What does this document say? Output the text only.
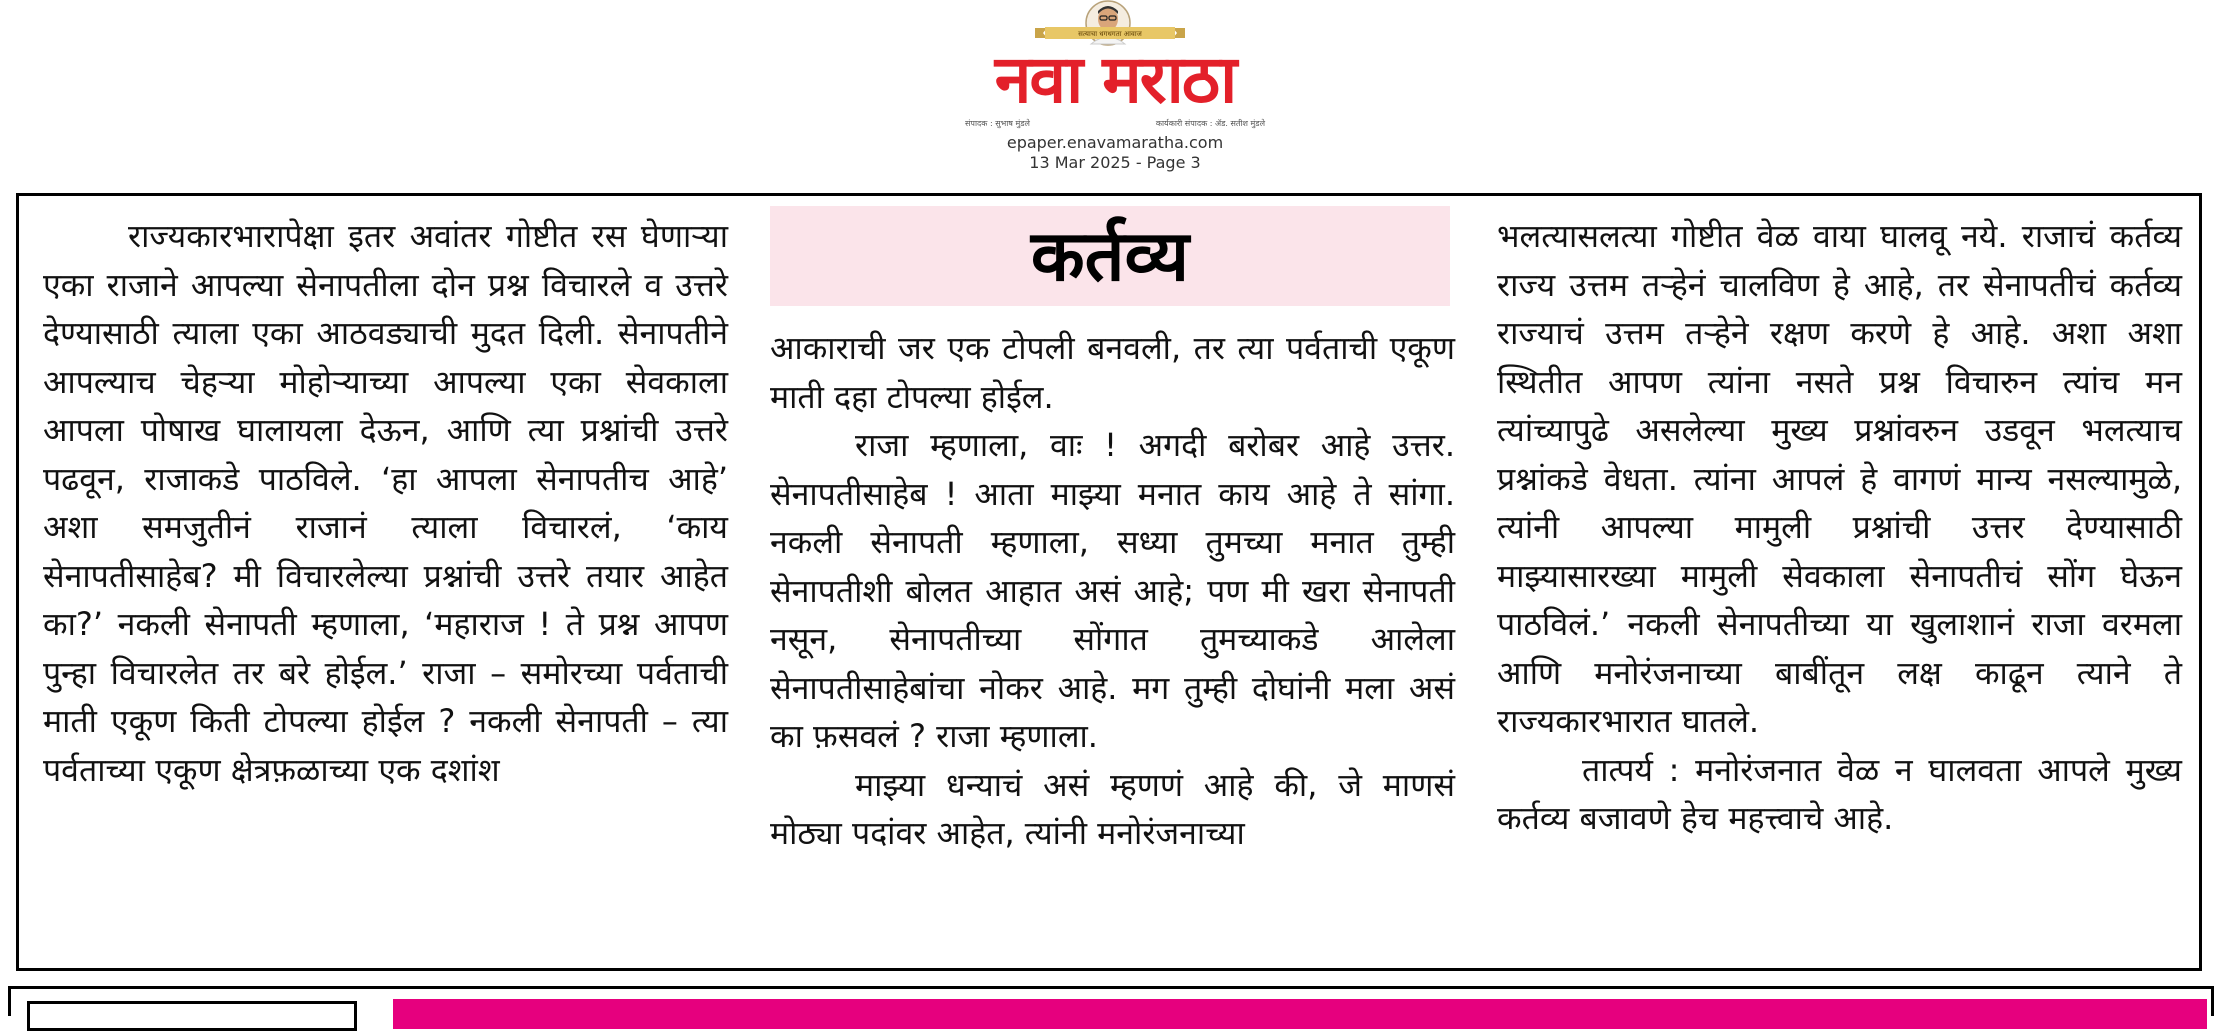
सत्याचा धगधगता आवाज
नवा मराठा
संपादक : सुभाष मुंडले	कार्यकारी संपादक : ॲड. सतीश मुंडले
epaper.enavamaratha.com
13 Mar 2025 - Page 3

राज्यकारभारापेक्षा इतर अवांतर गोष्टीत रस घेणाऱ्या एका राजाने आपल्या सेनापतीला दोन प्रश्न विचारले व उत्तरे देण्यासाठी त्याला एका आठवड्याची मुदत दिली. सेनापतीने आपल्याच चेहऱ्या मोहोऱ्याच्या आपल्या एका सेवकाला आपला पोषाख घालायला देऊन, आणि त्या प्रश्नांची उत्तरे पढवून, राजाकडे पाठविले. ‘हा आपला सेनापतीच आहे’ अशा समजुतीनं राजानं त्याला विचारलं, ‘काय सेनापतीसाहेब? मी विचारलेल्या प्रश्नांची उत्तरे तयार आहेत का?’ नकली सेनापती म्हणाला, ‘महाराज ! ते प्रश्न आपण पुन्हा विचारलेत तर बरे होईल.’ राजा – समोरच्या पर्वताची माती एकूण किती टोपल्या होईल ? नकली सेनापती – त्या पर्वताच्या एकूण क्षेत्रफ़ळाच्या एक दशांश

कर्तव्य

आकाराची जर एक टोपली बनवली, तर त्या पर्वताची एकूण माती दहा टोपल्या होईल.

राजा म्हणाला, वाः ! अगदी बरोबर आहे उत्तर. सेनापतीसाहेब ! आता माझ्या मनात काय आहे ते सांगा. नकली सेनापती म्हणाला, सध्या तुमच्या मनात तुम्ही सेनापतीशी बोलत आहात असं आहे; पण मी खरा सेनापती नसून, सेनापतीच्या सोंगात तुमच्याकडे आलेला सेनापतीसाहेबांचा नोकर आहे. मग तुम्ही दोघांनी मला असं का फ़सवलं ? राजा म्हणाला.

माझ्या धन्याचं असं म्हणणं आहे की, जे माणसं मोठ्या पदांवर आहेत, त्यांनी मनोरंजनाच्या

भलत्यासलत्या गोष्टीत वेळ वाया घालवू नये. राजाचं कर्तव्य राज्य उत्तम तऱ्हेनं चालविण हे आहे, तर सेनापतीचं कर्तव्य राज्याचं उत्तम तऱ्हेने रक्षण करणे हे आहे. अशा अशा स्थितीत आपण त्यांना नसते प्रश्न विचारुन त्यांच मन त्यांच्यापुढे असलेल्या मुख्य प्रश्नांवरुन उडवून भलत्याच प्रश्नांकडे वेधता. त्यांना आपलं हे वागणं मान्य नसल्यामुळे, त्यांनी आपल्या मामुली प्रश्नांची उत्तर देण्यासाठी माझ्यासारख्या मामुली सेवकाला सेनापतीचं सोंग घेऊन पाठविलं.’ नकली सेनापतीच्या या खुलाशानं राजा वरमला आणि मनोरंजनाच्या बाबींतून लक्ष काढून त्याने ते राज्यकारभारात घातले.

तात्पर्य : मनोरंजनात वेळ न घालवता आपले मुख्य कर्तव्य बजावणे हेच महत्त्वाचे आहे.
